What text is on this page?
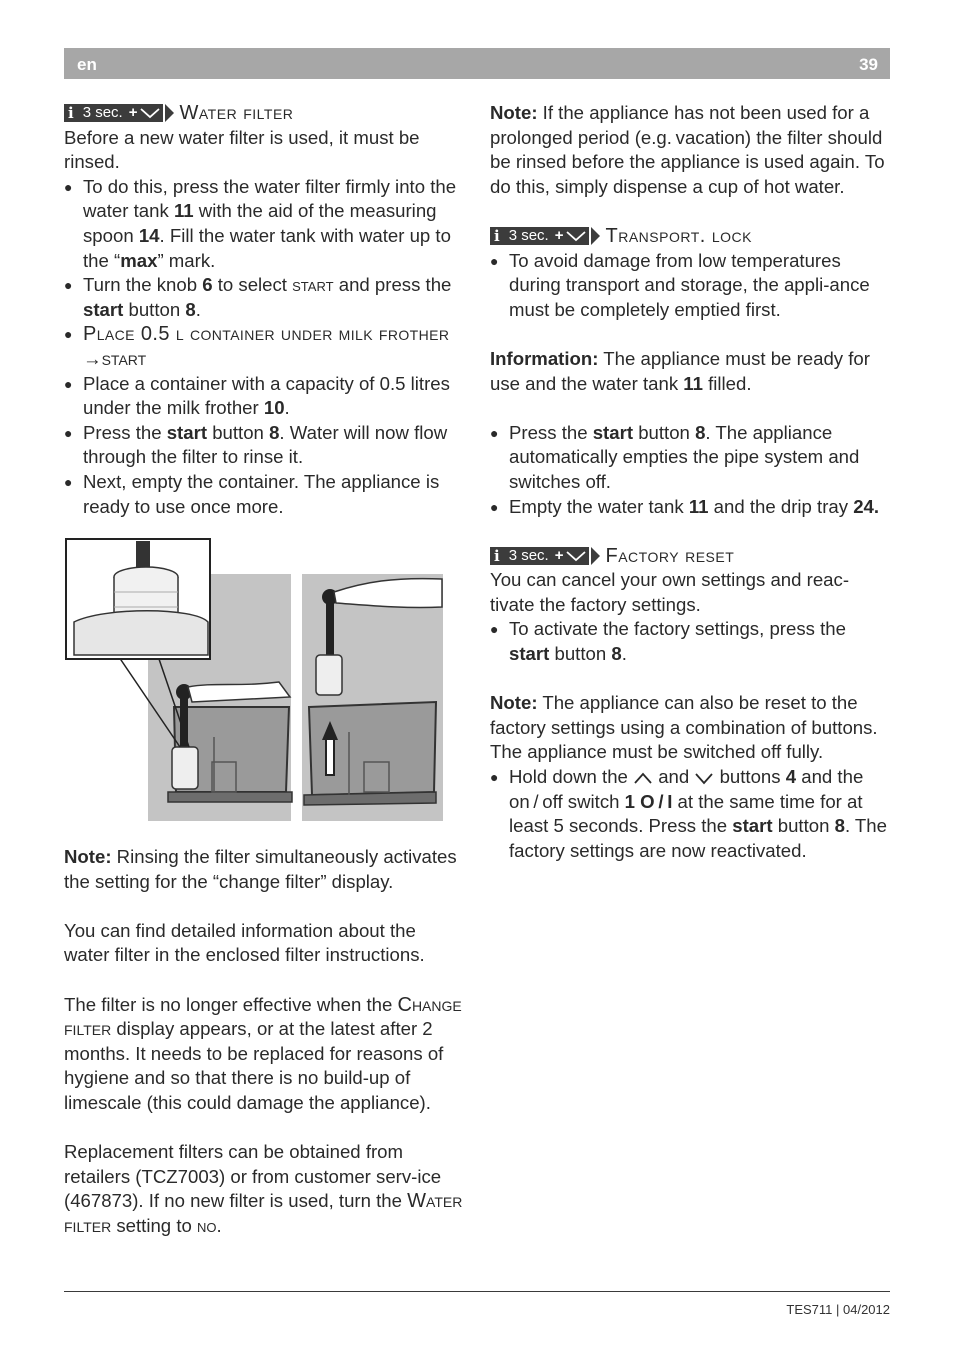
en	39
i 3 sec. + Water filter

Before a new water filter is used, it must be rinsed.

● To do this, press the water filter firmly into the water tank 11 with the aid of the measuring spoon 14. Fill the water tank with water up to the “max” mark.
● Turn the knob 6 to select start and press the start button 8.
● Place 0.5 l container under milk frother →start
● Place a container with a capacity of 0.5 litres under the milk frother 10.
● Press the start button 8. Water will now flow through the filter to rinse it.
● Next, empty the container. The appliance is ready to use once more.

Note: Rinsing the filter simultaneously activates the setting for the “change filter” display.

You can find detailed information about the water filter in the enclosed filter instructions.

The filter is no longer effective when the Change filter display appears, or at the latest after 2 months. It needs to be replaced for reasons of hygiene and so that there is no build-up of limescale (this could damage the appliance).

Replacement filters can be obtained from retailers (TCZ7003) or from customer serv-ice (467873). If no new filter is used, turn the Water filter setting to no.

Note: If the appliance has not been used for a prolonged period (e.g. vacation) the filter should be rinsed before the appliance is used again. To do this, simply dispense a cup of hot water.

i 3 sec. + Transport. lock
● To avoid damage from low temperatures during transport and storage, the appli-ance must be completely emptied first.

Information: The appliance must be ready for use and the water tank 11 filled.

● Press the start button 8. The appliance automatically empties the pipe system and switches off.
● Empty the water tank 11 and the drip tray 24.
i 3 sec. + Factory reset

You can cancel your own settings and reac-tivate the factory settings.

● To activate the factory settings, press the start button 8.

Note: The appliance can also be reset to the factory settings using a combination of buttons. The appliance must be switched off fully.

● Hold down the  and  buttons 4 and the on / off switch 1 O / I at the same time for at least 5 seconds. Press the start button 8. The factory settings are now reactivated.
TES711 | 04/2012
